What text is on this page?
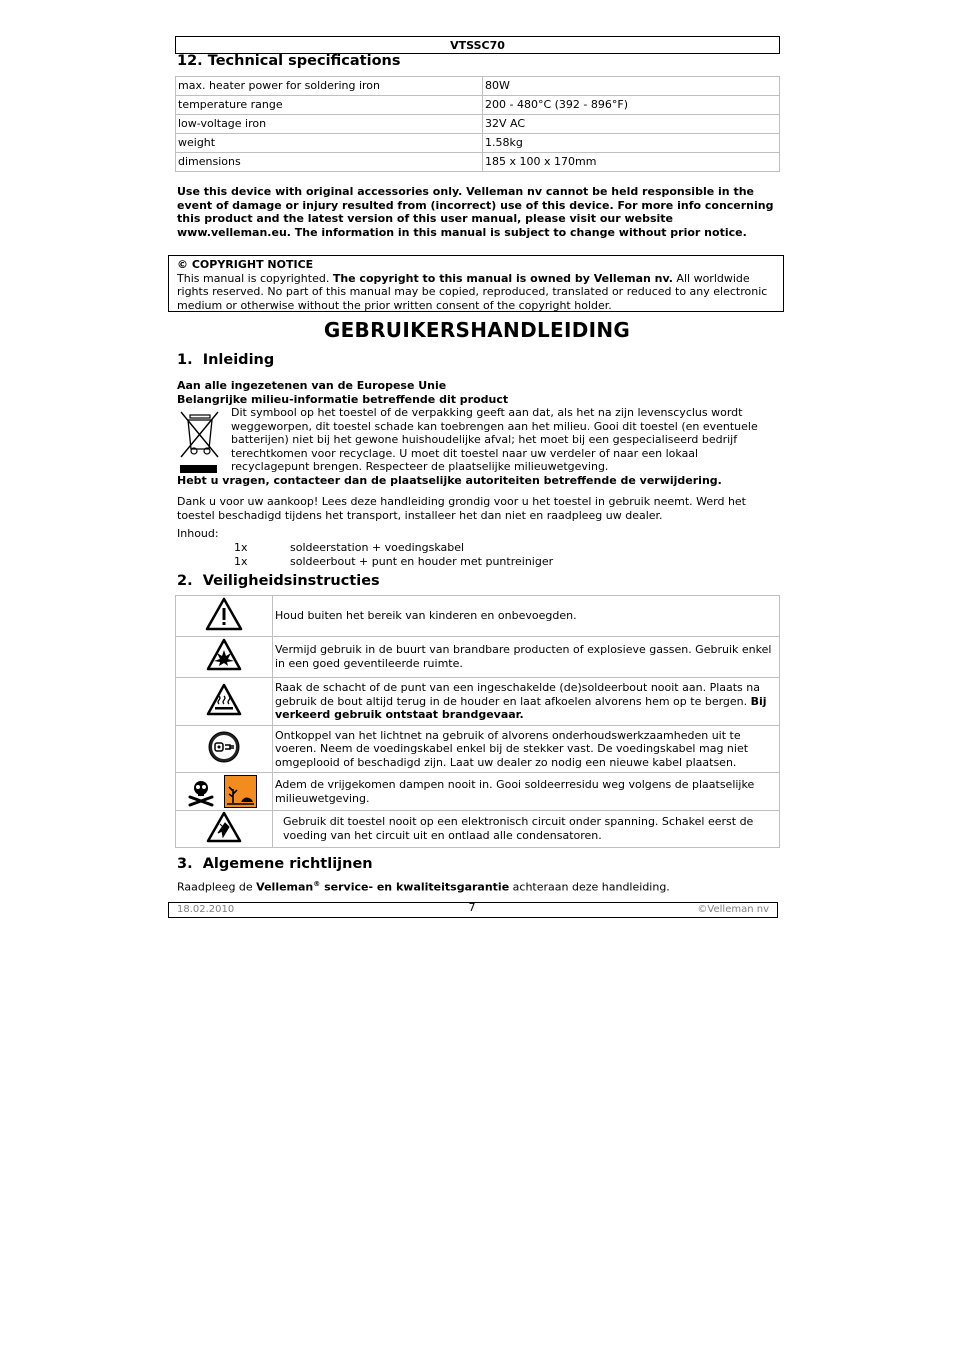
VTSSC70
12. Technical specifications
max. heater power for soldering iron	80W
temperature range	200 - 480°C (392 - 896°F)
low-voltage iron	32V AC
weight	1.58kg
dimensions	185 x 100 x 170mm
Use this device with original accessories only. Velleman nv cannot be held responsible in the event of damage or injury resulted from (incorrect) use of this device. For more info concerning this product and the latest version of this user manual, please visit our website www.velleman.eu. The information in this manual is subject to change without prior notice.
© COPYRIGHT NOTICE
This manual is copyrighted. The copyright to this manual is owned by Velleman nv. All worldwide rights reserved. No part of this manual may be copied, reproduced, translated or reduced to any electronic medium or otherwise without the prior written consent of the copyright holder.
GEBRUIKERSHANDLEIDING
1.  Inleiding
Aan alle ingezetenen van de Europese Unie
Belangrijke milieu-informatie betreffende dit product
Dit symbool op het toestel of de verpakking geeft aan dat, als het na zijn levenscyclus wordt weggeworpen, dit toestel schade kan toebrengen aan het milieu. Gooi dit toestel (en eventuele batterijen) niet bij het gewone huishoudelijke afval; het moet bij een gespecialiseerd bedrijf terechtkomen voor recyclage. U moet dit toestel naar uw verdeler of naar een lokaal recyclagepunt brengen. Respecteer de plaatselijke milieuwetgeving.
Hebt u vragen, contacteer dan de plaatselijke autoriteiten betreffende de verwijdering.
Dank u voor uw aankoop! Lees deze handleiding grondig voor u het toestel in gebruik neemt. Werd het toestel beschadigd tijdens het transport, installeer het dan niet en raadpleeg uw dealer.
Inhoud:
1x	soldeerstation + voedingskabel
1x	soldeerbout + punt en houder met puntreiniger
2.  Veiligheidsinstructies
	Houd buiten het bereik van kinderen en onbevoegden.

	Vermijd gebruik in de buurt van brandbare producten of explosieve gassen. Gebruik enkel in een goed geventileerde ruimte.

	Raak de schacht of de punt van een ingeschakelde (de)soldeerbout nooit aan. Plaats na gebruik de bout altijd terug in de houder en laat afkoelen alvorens hem op te bergen. Bij verkeerd gebruik ontstaat brandgevaar.

	Ontkoppel van het lichtnet na gebruik of alvorens onderhoudswerkzaamheden uit te voeren. Neem de voedingskabel enkel bij de stekker vast. De voedingskabel mag niet omgeplooid of beschadigd zijn. Laat uw dealer zo nodig een nieuwe kabel plaatsen.

	Adem de vrijgekomen dampen nooit in. Gooi soldeerresidu weg volgens de plaatselijke milieuwetgeving.

	Gebruik dit toestel nooit op een elektronisch circuit onder spanning. Schakel eerst de voeding van het circuit uit en ontlaad alle condensatoren.
3.  Algemene richtlijnen
Raadpleeg de Velleman® service- en kwaliteitsgarantie achteraan deze handleiding.
18.02.2010	7	©Velleman nv
